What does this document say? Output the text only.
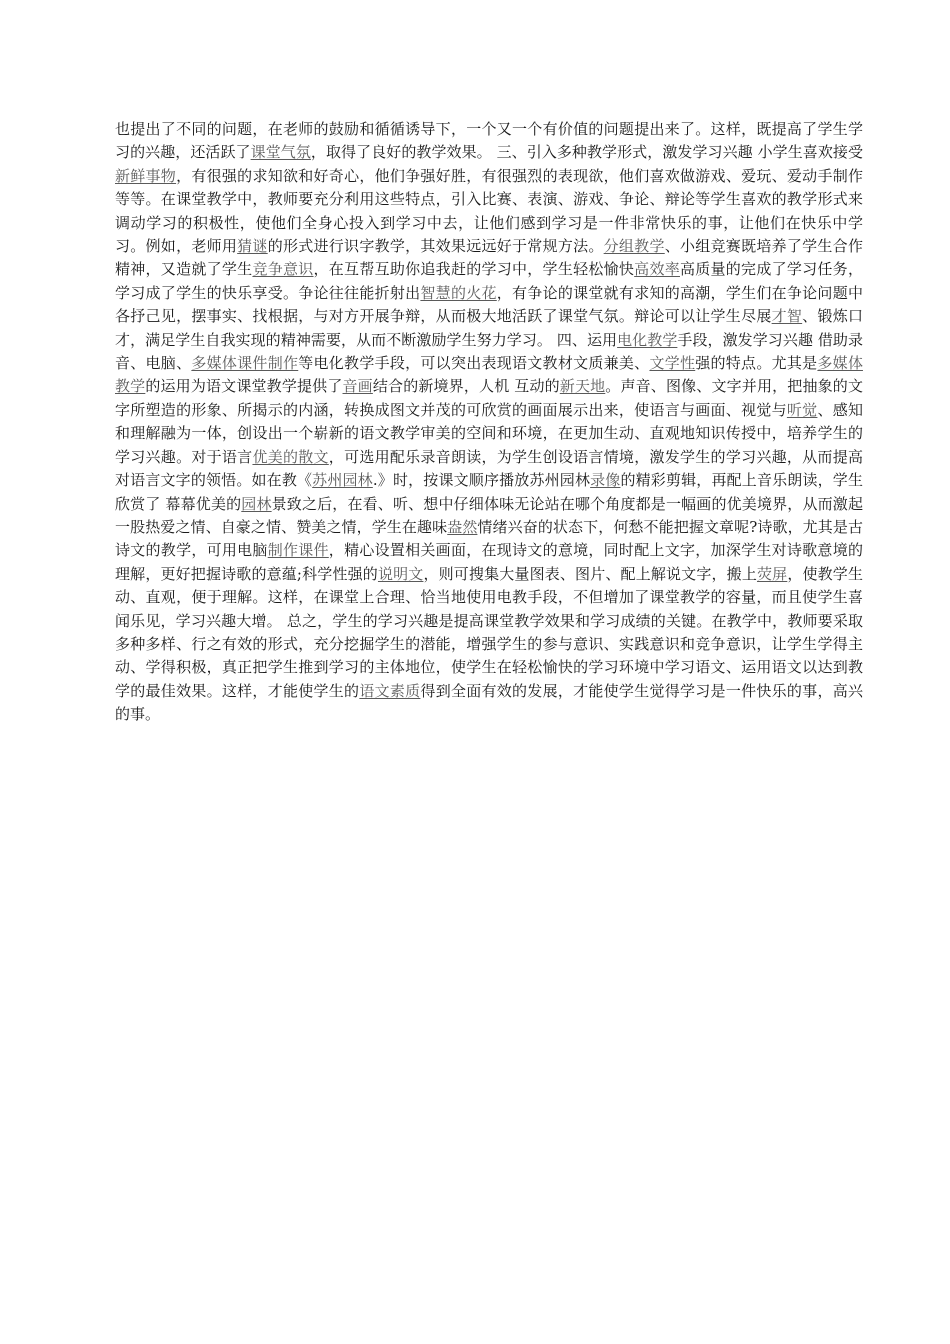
也提出了不同的问题，在老师的鼓励和循循诱导下，一个又一个有价值的问题提出来了。这样，既提高了学生学习的兴趣，还活跃了课堂气氛，取得了良好的教学效果。 三、引入多种教学形式，激发学习兴趣 小学生喜欢接受新鲜事物，有很强的求知欲和好奇心，他们争强好胜，有很强烈的表现欲，他们喜欢做游戏、爱玩、爱动手制作等等。在课堂教学中，教师要充分利用这些特点，引入比赛、表演、游戏、争论、辩论等学生喜欢的教学形式来调动学习的积极性，使他们全身心投入到学习中去，让他们感到学习是一件非常快乐的事，让他们在快乐中学习。例如，老师用猜谜的形式进行识字教学，其效果远远好于常规方法。分组教学、小组竞赛既培养了学生合作精神，又造就了学生竞争意识，在互帮互助你追我赶的学习中，学生轻松愉快高效率高质量的完成了学习任务，学习成了学生的快乐享受。争论往往能折射出智慧的火花，有争论的课堂就有求知的高潮，学生们在争论问题中各抒己见，摆事实、找根据，与对方开展争辩，从而极大地活跃了课堂气氛。辩论可以让学生尽展才智、锻炼口才，满足学生自我实现的精神需要，从而不断激励学生努力学习。 四、运用电化教学手段，激发学习兴趣 借助录音、电脑、多媒体课件制作等电化教学手段，可以突出表现语文教材文质兼美、文学性强的特点。尤其是多媒体教学的运用为语文课堂教学提供了音画结合的新境界，人机 互动的新天地。声音、图像、文字并用，把抽象的文字所塑造的形象、所揭示的内涵，转换成图文并茂的可欣赏的画面展示出来，使语言与画面、视觉与听觉、感知和理解融为一体，创设出一个崭新的语文教学审美的空间和环境，在更加生动、直观地知识传授中，培养学生的学习兴趣。对于语言优美的散文，可选用配乐录音朗读，为学生创设语言情境，激发学生的学习兴趣，从而提高对语言文字的领悟。如在教《苏州园林.》时，按课文顺序播放苏州园林录像的精彩剪辑，再配上音乐朗读，学生欣赏了 幕幕优美的园林景致之后，在看、听、想中仔细体味无论站在哪个角度都是一幅画的优美境界，从而激起一股热爱之情、自豪之情、赞美之情，学生在趣味盎然情绪兴奋的状态下，何愁不能把握文章呢?诗歌，尤其是古诗文的教学，可用电脑制作课件，精心设置相关画面，在现诗文的意境，同时配上文字，加深学生对诗歌意境的理解，更好把握诗歌的意蕴;科学性强的说明文，则可搜集大量图表、图片、配上解说文字，搬上荧屏，使教学生动、直观，便于理解。这样，在课堂上合理、恰当地使用电教手段，不但增加了课堂教学的容量，而且使学生喜闻乐见，学习兴趣大增。 总之，学生的学习兴趣是提高课堂教学效果和学习成绩的关键。在教学中，教师要采取多种多样、行之有效的形式，充分挖掘学生的潜能，增强学生的参与意识、实践意识和竞争意识，让学生学得主动、学得积极，真正把学生推到学习的主体地位，使学生在轻松愉快的学习环境中学习语文、运用语文以达到教学的最佳效果。这样，才能使学生的语文素质得到全面有效的发展，才能使学生觉得学习是一件快乐的事，高兴的事。
